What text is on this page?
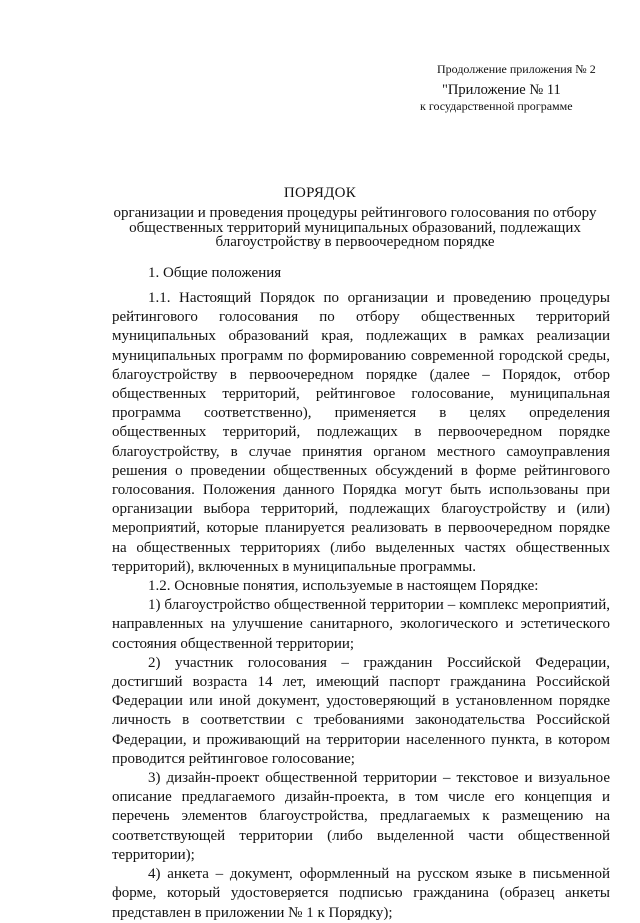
Продолжение приложения № 2
"Приложение № 11
к государственной программе
ПОРЯДОК
организации и проведения процедуры рейтингового голосования по отбору общественных территорий муниципальных образований, подлежащих благоустройству в первоочередном порядке
1. Общие положения

1.1. Настоящий Порядок по организации и проведению процедуры рейтингового голосования по отбору общественных территорий муниципальных образований края, подлежащих в рамках реализации муниципальных программ по формированию современной городской среды, благоустройству в первоочередном порядке (далее – Порядок, отбор общественных территорий, рейтинговое голосование, муниципальная программа соответственно), применяется в целях определения общественных территорий, подлежащих в первоочередном порядке благоустройству, в случае принятия органом местного самоуправления решения о проведении общественных обсуждений в форме рейтингового голосования. Положения данного Порядка могут быть использованы при организации выбора территорий, подлежащих благоустройству и (или) мероприятий, которые планируется реализовать в первоочередном порядке на общественных территориях (либо выделенных частях общественных территорий), включенных в муниципальные программы.

1.2. Основные понятия, используемые в настоящем Порядке:

1) благоустройство общественной территории – комплекс мероприятий, направленных на улучшение санитарного, экологического и эстетического состояния общественной территории;

2) участник голосования – гражданин Российской Федерации, достигший возраста 14 лет, имеющий паспорт гражданина Российской Федерации или иной документ, удостоверяющий в установленном порядке личность в соответствии с требованиями законодательства Российской Федерации, и проживающий на территории населенного пункта, в котором проводится рейтинговое голосование;

3) дизайн-проект общественной территории – текстовое и визуальное описание предлагаемого дизайн-проекта, в том числе его концепция и перечень элементов благоустройства, предлагаемых к размещению на соответствующей территории (либо выделенной части общественной территории);

4) анкета – документ, оформленный на русском языке в письменной форме, который удостоверяется подписью гражданина (образец анкеты представлен в приложении № 1 к Порядку);
